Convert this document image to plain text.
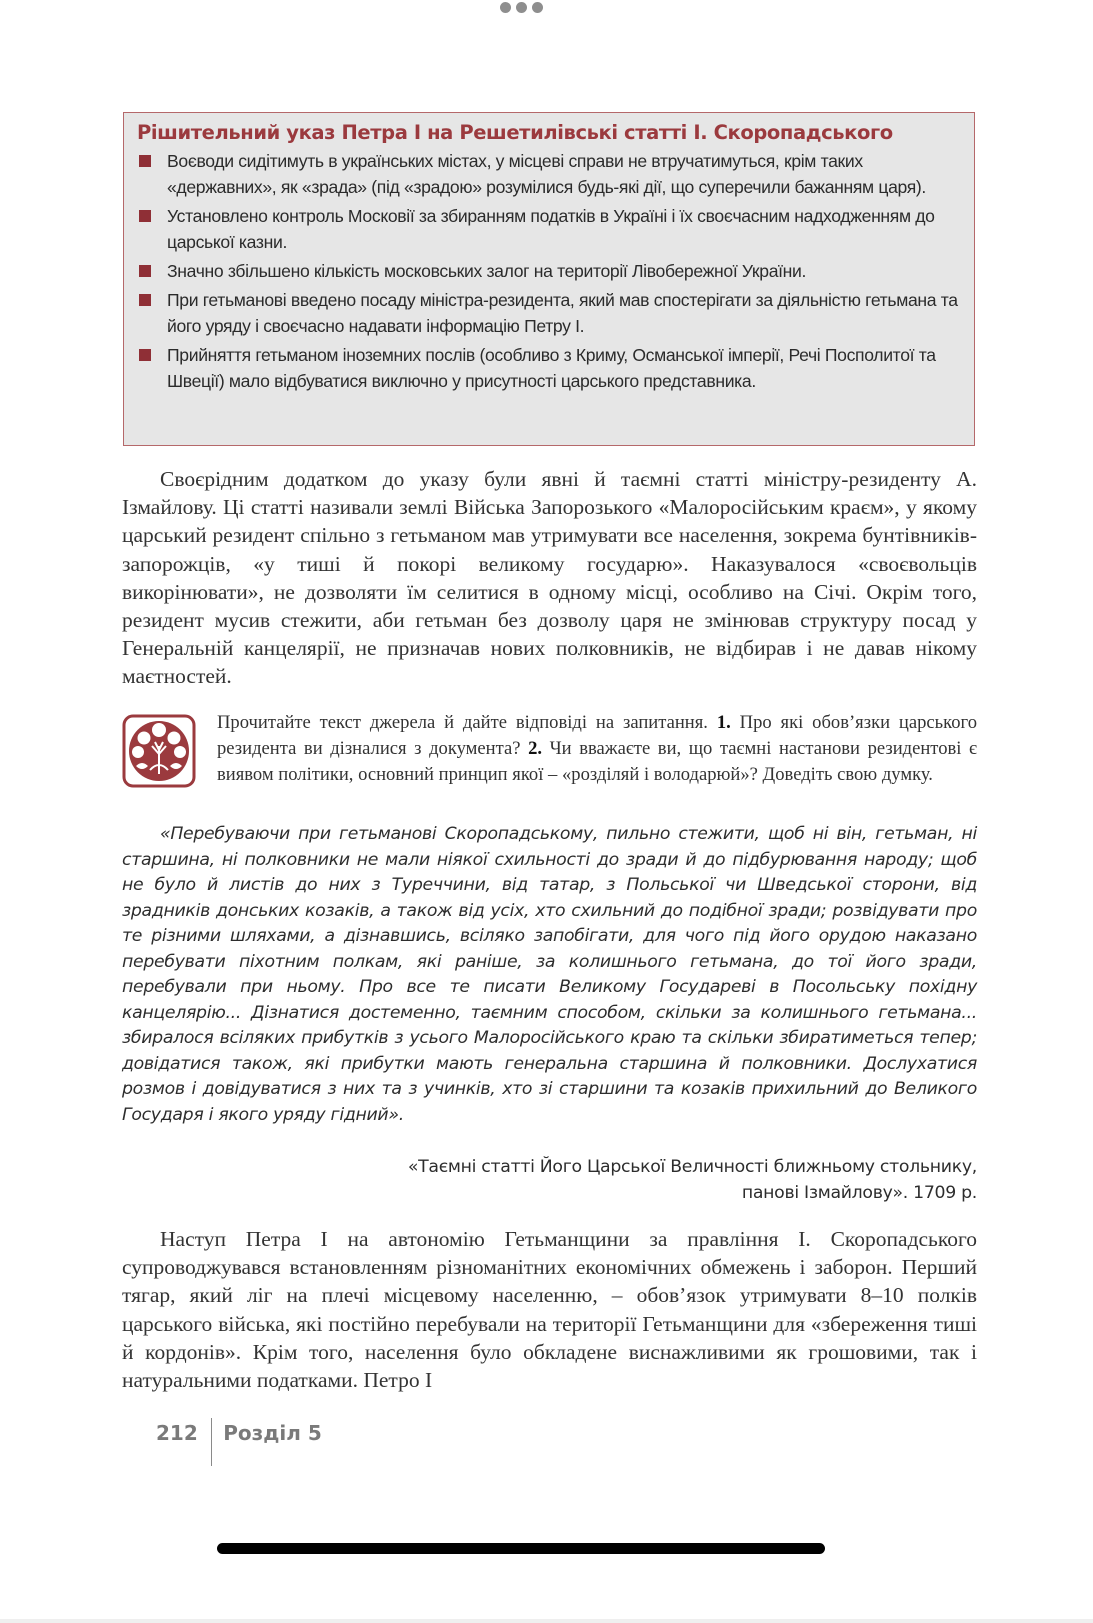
Рішительний указ Петра I на Решетилівські статті І. Скоропадського
Воєводи сидітимуть в українських містах, у місцеві справи не втручатимуться, крім таких «державних», як «зрада» (під «зрадою» розумілися будь-які дії, що суперечили бажанням царя).
Установлено контроль Московії за збиранням податків в Україні і їх своєчасним надходженням до царської казни.
Значно збільшено кількість московських залог на території Лівобережної України.
При гетьманові введено посаду міністра-резидента, який мав спостерігати за діяльністю гетьмана та його уряду і своєчасно надавати інформацію Петру I.
Прийняття гетьманом іноземних послів (особливо з Криму, Османської імперії, Речі Посполитої та Швеції) мало відбуватися виключно у присутності царського представника.

Своєрідним додатком до указу були явні й таємні статті міністру-резиденту А. Ізмайлову. Ці статті називали землі Війська Запорозького «Малоросійським краєм», у якому царський резидент спільно з гетьманом мав утримувати все населення, зокрема бунтівників-запорожців, «у тиші й покорі великому государю». Наказувалося «своєвольців викорінювати», не дозволяти їм селитися в одному місці, особливо на Січі. Окрім того, резидент мусив стежити, аби гетьман без дозволу царя не змінював структуру посад у Генеральній канцелярії, не призначав нових полковників, не відбирав і не давав нікому маєтностей.

Прочитайте текст джерела й дайте відповіді на запитання. 1. Про які обов’язки царського резидента ви дізналися з документа? 2. Чи вважаєте ви, що таємні настанови резидентові є виявом політики, основний принцип якої – «розділяй і володарюй»? Доведіть свою думку.

«Перебуваючи при гетьманові Скоропадському, пильно стежити, щоб ні він, гетьман, ні старшина, ні полковники не мали ніякої схильності до зради й до підбурювання народу; щоб не було й листів до них з Туреччини, від татар, з Польської чи Шведської сторони, від зрадників донських козаків, а також від усіх, хто схильний до подібної зради; розвідувати про те різними шляхами, а дізнавшись, всіляко запобігати, для чого під його орудою наказано перебувати піхотним полкам, які раніше, за колишнього гетьмана, до тої його зради, перебували при ньому. Про все те писати Великому Государеві в Посольську похідну канцелярію... Дізнатися достеменно, таємним способом, скільки за колишнього гетьмана... збиралося всіляких прибутків з усього Малоросійського краю та скільки збиратиметься тепер; довідатися також, які прибутки мають генеральна старшина й полковники. Дослухатися розмов і довідуватися з них та з учинків, хто зі старшини та козаків прихильний до Великого Государя і якого уряду гідний».

«Таємні статті Його Царської Величності ближньому стольнику,
панові Ізмайлову». 1709 р.

Наступ Петра I на автономію Гетьманщини за правління І. Скоропадського супроводжувався встановленням різноманітних економічних обмежень і заборон. Перший тягар, який ліг на плечі місцевому населенню, – обов’язок утримувати 8–10 полків царського війська, які постійно перебували на території Гетьманщини для «збереження тиші й кордонів». Крім того, населення було обкладене виснажливими як грошовими, так і натуральними податками. Петро I

212 Розділ 5
